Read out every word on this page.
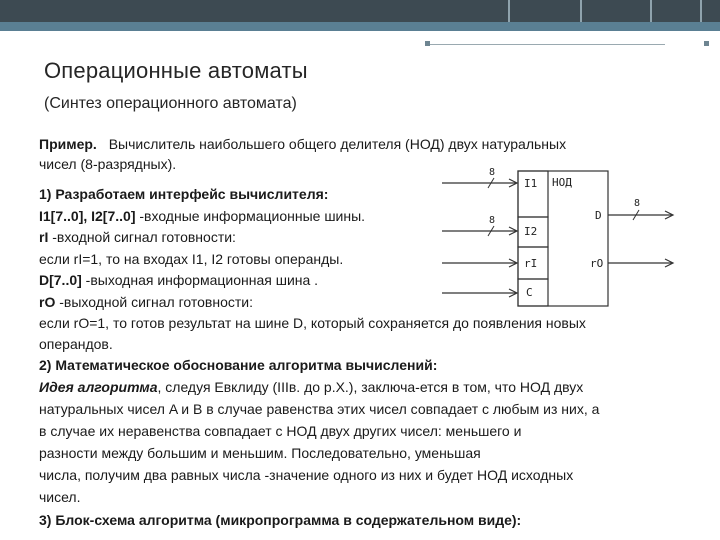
Операционные автоматы
(Синтез операционного автомата)
Пример. Вычислитель наибольшего общего делителя (НОД) двух натуральных
чисел (8-разрядных).
1) Разработаем интерфейс вычислителя:
I1[7..0], I2[7..0] -входные информационные шины.
rI -входной сигнал готовности:
если rI=1, то на входах I1, I2 готовы операнды.
D[7..0] -выходная информационная шина .
rO -выходной сигнал готовности:
если rO=1, то готов результат на шине D, который сохраняется до появления новых
операндов.
2) Математическое обоснование алгоритма вычислений:
Идея алгоритма, следуя Евклиду (IIIв. до р.Х.), заключа-ется в том, что НОД двух
натуральных чисел A и B в случае равенства этих чисел совпадает с любым из них, а
в случае их неравенства совпадает с НОД двух других чисел: меньшего и
разности между большим и меньшим. Последовательно, уменьшая
числа, получим два равных числа -значение одного из них и будет НОД исходных
чисел.
3) Блок-схема алгоритма (микропрограмма в содержательном виде):
НОД
I1
I2
rI
C
D
rO
8
8
8
